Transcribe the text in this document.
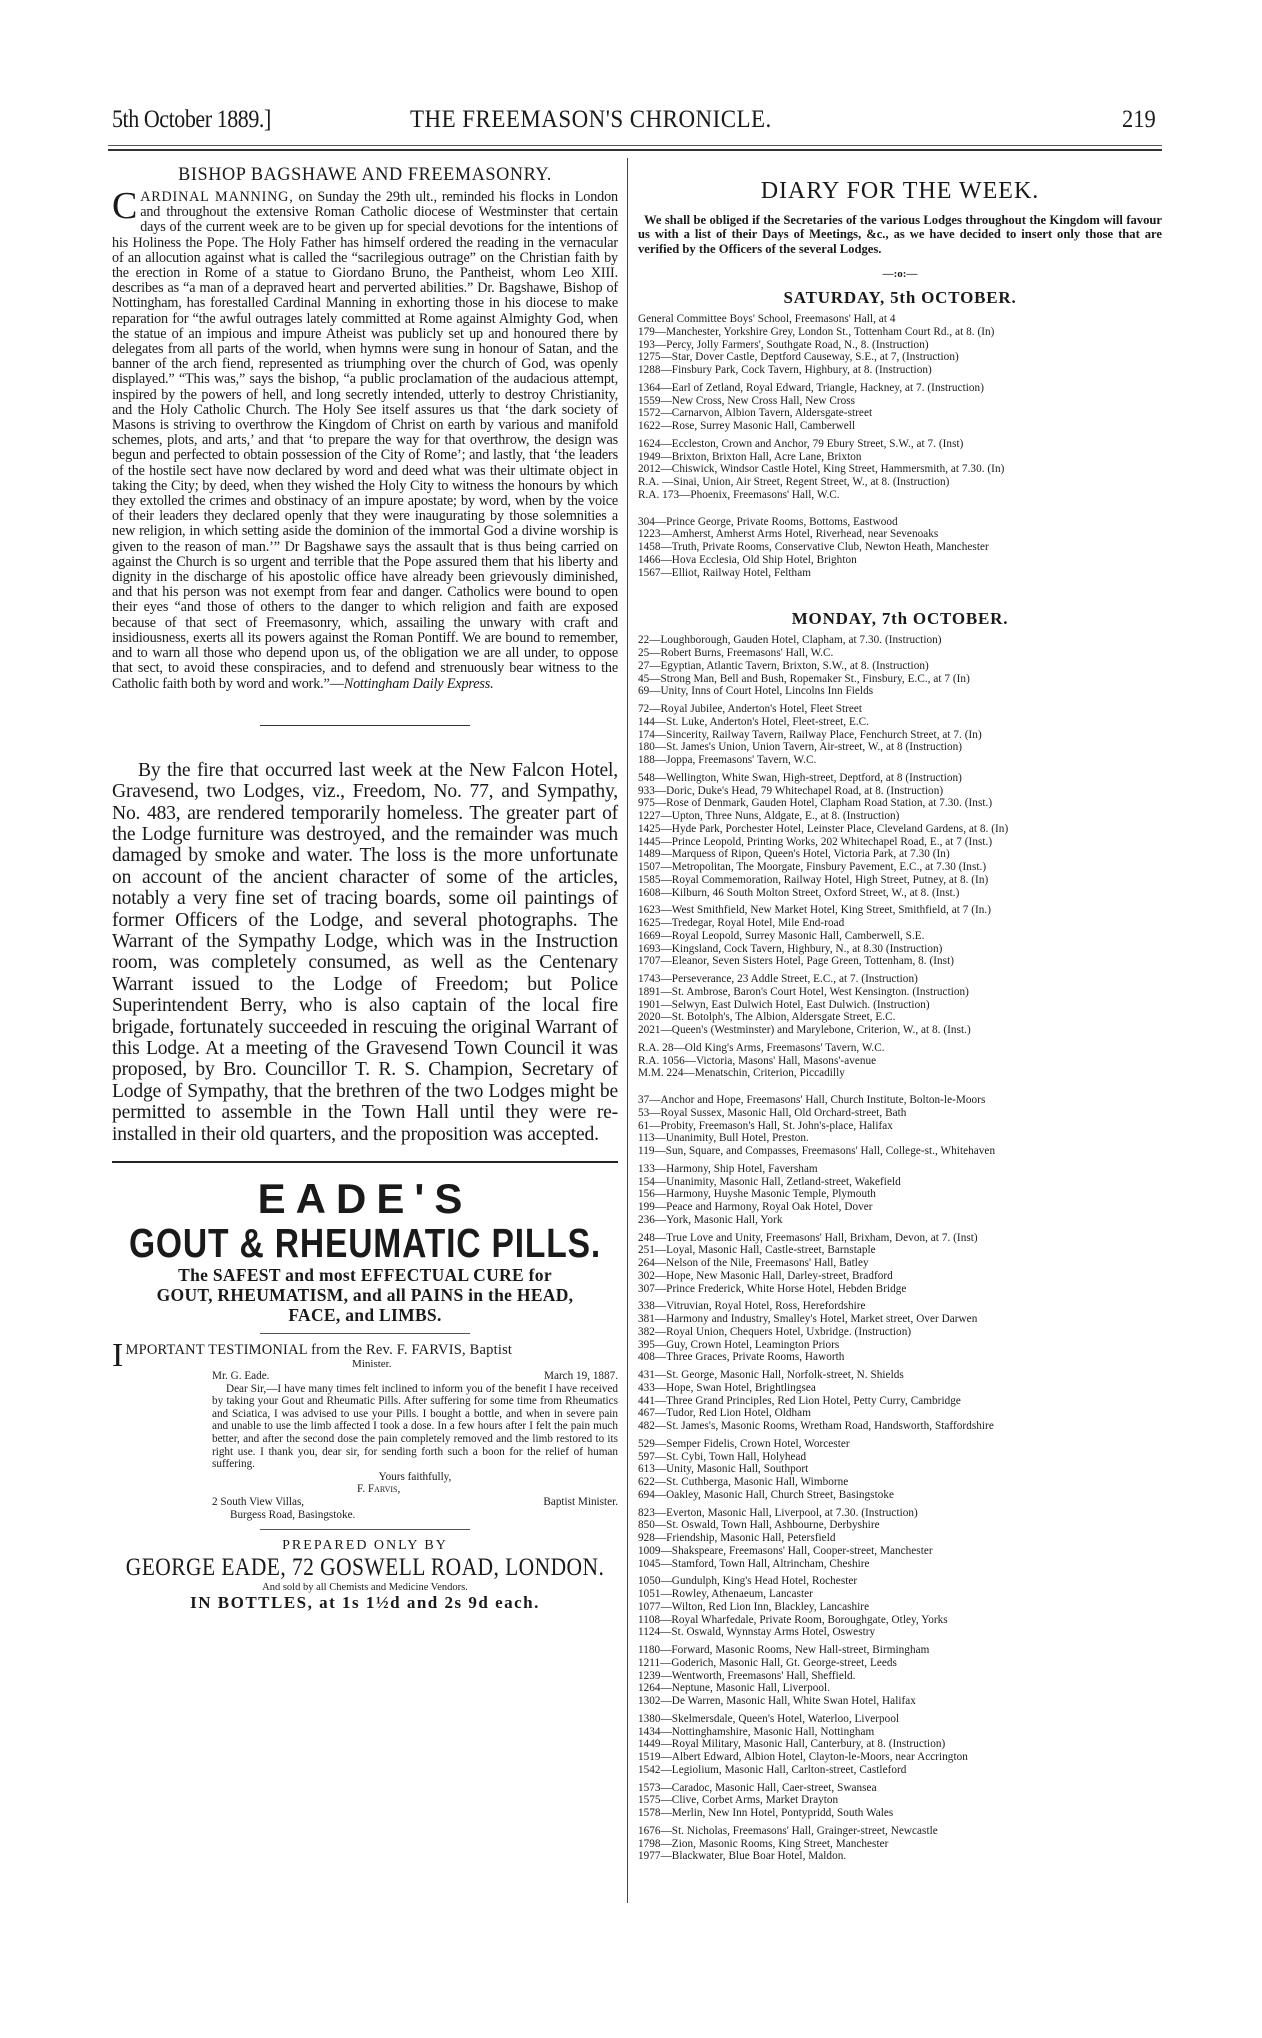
5th October 1889.]	THE FREEMASON'S CHRONICLE.	219
BISHOP BAGSHAWE AND FREEMASONRY.

CARDINAL MANNING, on Sunday the 29th ult., reminded his flocks in London and throughout the extensive Roman Catholic diocese of Westminster that certain days of the current week are to be given up for special devotions for the intentions of his Holiness the Pope. The Holy Father has himself ordered the reading in the vernacular of an allocution against what is called the “sacrilegious outrage” on the Christian faith by the erection in Rome of a statue to Giordano Bruno, the Pantheist, whom Leo XIII. describes as “a man of a depraved heart and perverted abilities.” Dr. Bagshawe, Bishop of Nottingham, has forestalled Cardinal Manning in exhorting those in his diocese to make reparation for “the awful outrages lately committed at Rome against Almighty God, when the statue of an impious and impure Atheist was publicly set up and honoured there by delegates from all parts of the world, when hymns were sung in honour of Satan, and the banner of the arch fiend, represented as triumphing over the church of God, was openly displayed.” “This was,” says the bishop, “a public proclamation of the audacious attempt, inspired by the powers of hell, and long secretly intended, utterly to destroy Christianity, and the Holy Catholic Church. The Holy See itself assures us that ‘the dark society of Masons is striving to overthrow the Kingdom of Christ on earth by various and manifold schemes, plots, and arts,’ and that ‘to prepare the way for that overthrow, the design was begun and perfected to obtain possession of the City of Rome’; and lastly, that ‘the leaders of the hostile sect have now declared by word and deed what was their ultimate object in taking the City; by deed, when they wished the Holy City to witness the honours by which they extolled the crimes and obstinacy of an impure apostate; by word, when by the voice of their leaders they declared openly that they were inaugurating by those solemnities a new religion, in which setting aside the dominion of the immortal God a divine worship is given to the reason of man.’” Dr Bagshawe says the assault that is thus being carried on against the Church is so urgent and terrible that the Pope assured them that his liberty and dignity in the discharge of his apostolic office have already been grievously diminished, and that his person was not exempt from fear and danger. Catholics were bound to open their eyes “and those of others to the danger to which religion and faith are exposed because of that sect of Freemasonry, which, assailing the unwary with craft and insidiousness, exerts all its powers against the Roman Pontiff. We are bound to remember, and to warn all those who depend upon us, of the obligation we are all under, to oppose that sect, to avoid these conspiracies, and to defend and strenuously bear witness to the Catholic faith both by word and work.”—Nottingham Daily Express.

By the fire that occurred last week at the New Falcon Hotel, Gravesend, two Lodges, viz., Freedom, No. 77, and Sympathy, No. 483, are rendered temporarily homeless. The greater part of the Lodge furniture was destroyed, and the remainder was much damaged by smoke and water. The loss is the more unfortunate on account of the ancient character of some of the articles, notably a very fine set of tracing boards, some oil paintings of former Officers of the Lodge, and several photographs. The Warrant of the Sympathy Lodge, which was in the Instruction room, was completely consumed, as well as the Centenary Warrant issued to the Lodge of Freedom; but Police Superintendent Berry, who is also captain of the local fire brigade, fortunately succeeded in rescuing the original Warrant of this Lodge. At a meeting of the Gravesend Town Council it was proposed, by Bro. Councillor T. R. S. Champion, Secretary of Lodge of Sympathy, that the brethren of the two Lodges might be permitted to assemble in the Town Hall until they were re-installed in their old quarters, and the proposition was accepted.

EADE'S
GOUT & RHEUMATIC PILLS.
The SAFEST and most EFFECTUAL CURE for
GOUT, RHEUMATISM, and all PAINS in the HEAD,
FACE, and LIMBS.
IMPORTANT TESTIMONIAL from the Rev. F. FARVIS, Baptist
Minister.
Mr. G. Eade.	March 19, 1887.
Dear Sir,—I have many times felt inclined to inform you of the benefit I have received by taking your Gout and Rheumatic Pills. After suffering for some time from Rheumatics and Sciatica, I was advised to use your Pills. I bought a bottle, and when in severe pain and unable to use the limb affected I took a dose. In a few hours after I felt the pain much better, and after the second dose the pain completely removed and the limb restored to its right use. I thank you, dear sir, for sending forth such a boon for the relief of human suffering.
Yours faithfully,
F. Farvis,
2 South View Villas,	Baptist Minister.
Burgess Road, Basingstoke.
PREPARED ONLY BY
GEORGE EADE, 72 GOSWELL ROAD, LONDON.
And sold by all Chemists and Medicine Vendors.
IN BOTTLES, at 1s 1½d and 2s 9d each.
DIARY FOR THE WEEK.
We shall be obliged if the Secretaries of the various Lodges throughout the Kingdom will favour us with a list of their Days of Meetings, &c., as we have decided to insert only those that are verified by the Officers of the several Lodges.
—:o:—
SATURDAY, 5th OCTOBER.
General Committee Boys' School, Freemasons' Hall, at 4
179—Manchester, Yorkshire Grey, London St., Tottenham Court Rd., at 8. (In)
193—Percy, Jolly Farmers', Southgate Road, N., 8. (Instruction)
1275—Star, Dover Castle, Deptford Causeway, S.E., at 7, (Instruction)
1288—Finsbury Park, Cock Tavern, Highbury, at 8. (Instruction)
1364—Earl of Zetland, Royal Edward, Triangle, Hackney, at 7. (Instruction)
1559—New Cross, New Cross Hall, New Cross
1572—Carnarvon, Albion Tavern, Aldersgate-street
1622—Rose, Surrey Masonic Hall, Camberwell
1624—Eccleston, Crown and Anchor, 79 Ebury Street, S.W., at 7. (Inst)
1949—Brixton, Brixton Hall, Acre Lane, Brixton
2012—Chiswick, Windsor Castle Hotel, King Street, Hammersmith, at 7.30. (In)
R.A. —Sinai, Union, Air Street, Regent Street, W., at 8. (Instruction)
R.A. 173—Phoenix, Freemasons' Hall, W.C.
304—Prince George, Private Rooms, Bottoms, Eastwood
1223—Amherst, Amherst Arms Hotel, Riverhead, near Sevenoaks
1458—Truth, Private Rooms, Conservative Club, Newton Heath, Manchester
1466—Hova Ecclesia, Old Ship Hotel, Brighton
1567—Elliot, Railway Hotel, Feltham
MONDAY, 7th OCTOBER.
22—Loughborough, Gauden Hotel, Clapham, at 7.30. (Instruction)
25—Robert Burns, Freemasons' Hall, W.C.
27—Egyptian, Atlantic Tavern, Brixton, S.W., at 8. (Instruction)
45—Strong Man, Bell and Bush, Ropemaker St., Finsbury, E.C., at 7 (In)
69—Unity, Inns of Court Hotel, Lincolns Inn Fields
72—Royal Jubilee, Anderton's Hotel, Fleet Street
144—St. Luke, Anderton's Hotel, Fleet-street, E.C.
174—Sincerity, Railway Tavern, Railway Place, Fenchurch Street, at 7. (In)
180—St. James's Union, Union Tavern, Air-street, W., at 8 (Instruction)
188—Joppa, Freemasons' Tavern, W.C.
548—Wellington, White Swan, High-street, Deptford, at 8 (Instruction)
933—Doric, Duke's Head, 79 Whitechapel Road, at 8. (Instruction)
975—Rose of Denmark, Gauden Hotel, Clapham Road Station, at 7.30. (Inst.)
1227—Upton, Three Nuns, Aldgate, E., at 8. (Instruction)
1425—Hyde Park, Porchester Hotel, Leinster Place, Cleveland Gardens, at 8. (In)
1445—Prince Leopold, Printing Works, 202 Whitechapel Road, E., at 7 (Inst.)
1489—Marquess of Ripon, Queen's Hotel, Victoria Park, at 7.30 (In)
1507—Metropolitan, The Moorgate, Finsbury Pavement, E.C., at 7.30 (Inst.)
1585—Royal Commemoration, Railway Hotel, High Street, Putney, at 8. (In)
1608—Kilburn, 46 South Molton Street, Oxford Street, W., at 8. (Inst.)
1623—West Smithfield, New Market Hotel, King Street, Smithfield, at 7 (In.)
1625—Tredegar, Royal Hotel, Mile End-road
1669—Royal Leopold, Surrey Masonic Hall, Camberwell, S.E.
1693—Kingsland, Cock Tavern, Highbury, N., at 8.30 (Instruction)
1707—Eleanor, Seven Sisters Hotel, Page Green, Tottenham, 8. (Inst)
1743—Perseverance, 23 Addle Street, E.C., at 7. (Instruction)
1891—St. Ambrose, Baron's Court Hotel, West Kensington. (Instruction)
1901—Selwyn, East Dulwich Hotel, East Dulwich. (Instruction)
2020—St. Botolph's, The Albion, Aldersgate Street, E.C.
2021—Queen's (Westminster) and Marylebone, Criterion, W., at 8. (Inst.)
R.A. 28—Old King's Arms, Freemasons' Tavern, W.C.
R.A. 1056—Victoria, Masons' Hall, Masons'-avenue
M.M. 224—Menatschin, Criterion, Piccadilly
37—Anchor and Hope, Freemasons' Hall, Church Institute, Bolton-le-Moors
53—Royal Sussex, Masonic Hall, Old Orchard-street, Bath
61—Probity, Freemason's Hall, St. John's-place, Halifax
113—Unanimity, Bull Hotel, Preston.
119—Sun, Square, and Compasses, Freemasons' Hall, College-st., Whitehaven
133—Harmony, Ship Hotel, Faversham
154—Unanimity, Masonic Hall, Zetland-street, Wakefield
156—Harmony, Huyshe Masonic Temple, Plymouth
199—Peace and Harmony, Royal Oak Hotel, Dover
236—York, Masonic Hall, York
248—True Love and Unity, Freemasons' Hall, Brixham, Devon, at 7. (Inst)
251—Loyal, Masonic Hall, Castle-street, Barnstaple
264—Nelson of the Nile, Freemasons' Hall, Batley
302—Hope, New Masonic Hall, Darley-street, Bradford
307—Prince Frederick, White Horse Hotel, Hebden Bridge
338—Vitruvian, Royal Hotel, Ross, Herefordshire
381—Harmony and Industry, Smalley's Hotel, Market street, Over Darwen
382—Royal Union, Chequers Hotel, Uxbridge. (Instruction)
395—Guy, Crown Hotel, Leamington Priors
408—Three Graces, Private Rooms, Haworth
431—St. George, Masonic Hall, Norfolk-street, N. Shields
433—Hope, Swan Hotel, Brightlingsea
441—Three Grand Principles, Red Lion Hotel, Petty Curry, Cambridge
467—Tudor, Red Lion Hotel, Oldham
482—St. James's, Masonic Rooms, Wretham Road, Handsworth, Staffordshire
529—Semper Fidelis, Crown Hotel, Worcester
597—St. Cybi, Town Hall, Holyhead
613—Unity, Masonic Hall, Southport
622—St. Cuthberga, Masonic Hall, Wimborne
694—Oakley, Masonic Hall, Church Street, Basingstoke
823—Everton, Masonic Hall, Liverpool, at 7.30. (Instruction)
850—St. Oswald, Town Hall, Ashbourne, Derbyshire
928—Friendship, Masonic Hall, Petersfield
1009—Shakspeare, Freemasons' Hall, Cooper-street, Manchester
1045—Stamford, Town Hall, Altrincham, Cheshire
1050—Gundulph, King's Head Hotel, Rochester
1051—Rowley, Athenaeum, Lancaster
1077—Wilton, Red Lion Inn, Blackley, Lancashire
1108—Royal Wharfedale, Private Room, Boroughgate, Otley, Yorks
1124—St. Oswald, Wynnstay Arms Hotel, Oswestry
1180—Forward, Masonic Rooms, New Hall-street, Birmingham
1211—Goderich, Masonic Hall, Gt. George-street, Leeds
1239—Wentworth, Freemasons' Hall, Sheffield.
1264—Neptune, Masonic Hall, Liverpool.
1302—De Warren, Masonic Hall, White Swan Hotel, Halifax
1380—Skelmersdale, Queen's Hotel, Waterloo, Liverpool
1434—Nottinghamshire, Masonic Hall, Nottingham
1449—Royal Military, Masonic Hall, Canterbury, at 8. (Instruction)
1519—Albert Edward, Albion Hotel, Clayton-le-Moors, near Accrington
1542—Legiolium, Masonic Hall, Carlton-street, Castleford
1573—Caradoc, Masonic Hall, Caer-street, Swansea
1575—Clive, Corbet Arms, Market Drayton
1578—Merlin, New Inn Hotel, Pontypridd, South Wales
1676—St. Nicholas, Freemasons' Hall, Grainger-street, Newcastle
1798—Zion, Masonic Rooms, King Street, Manchester
1977—Blackwater, Blue Boar Hotel, Maldon.
